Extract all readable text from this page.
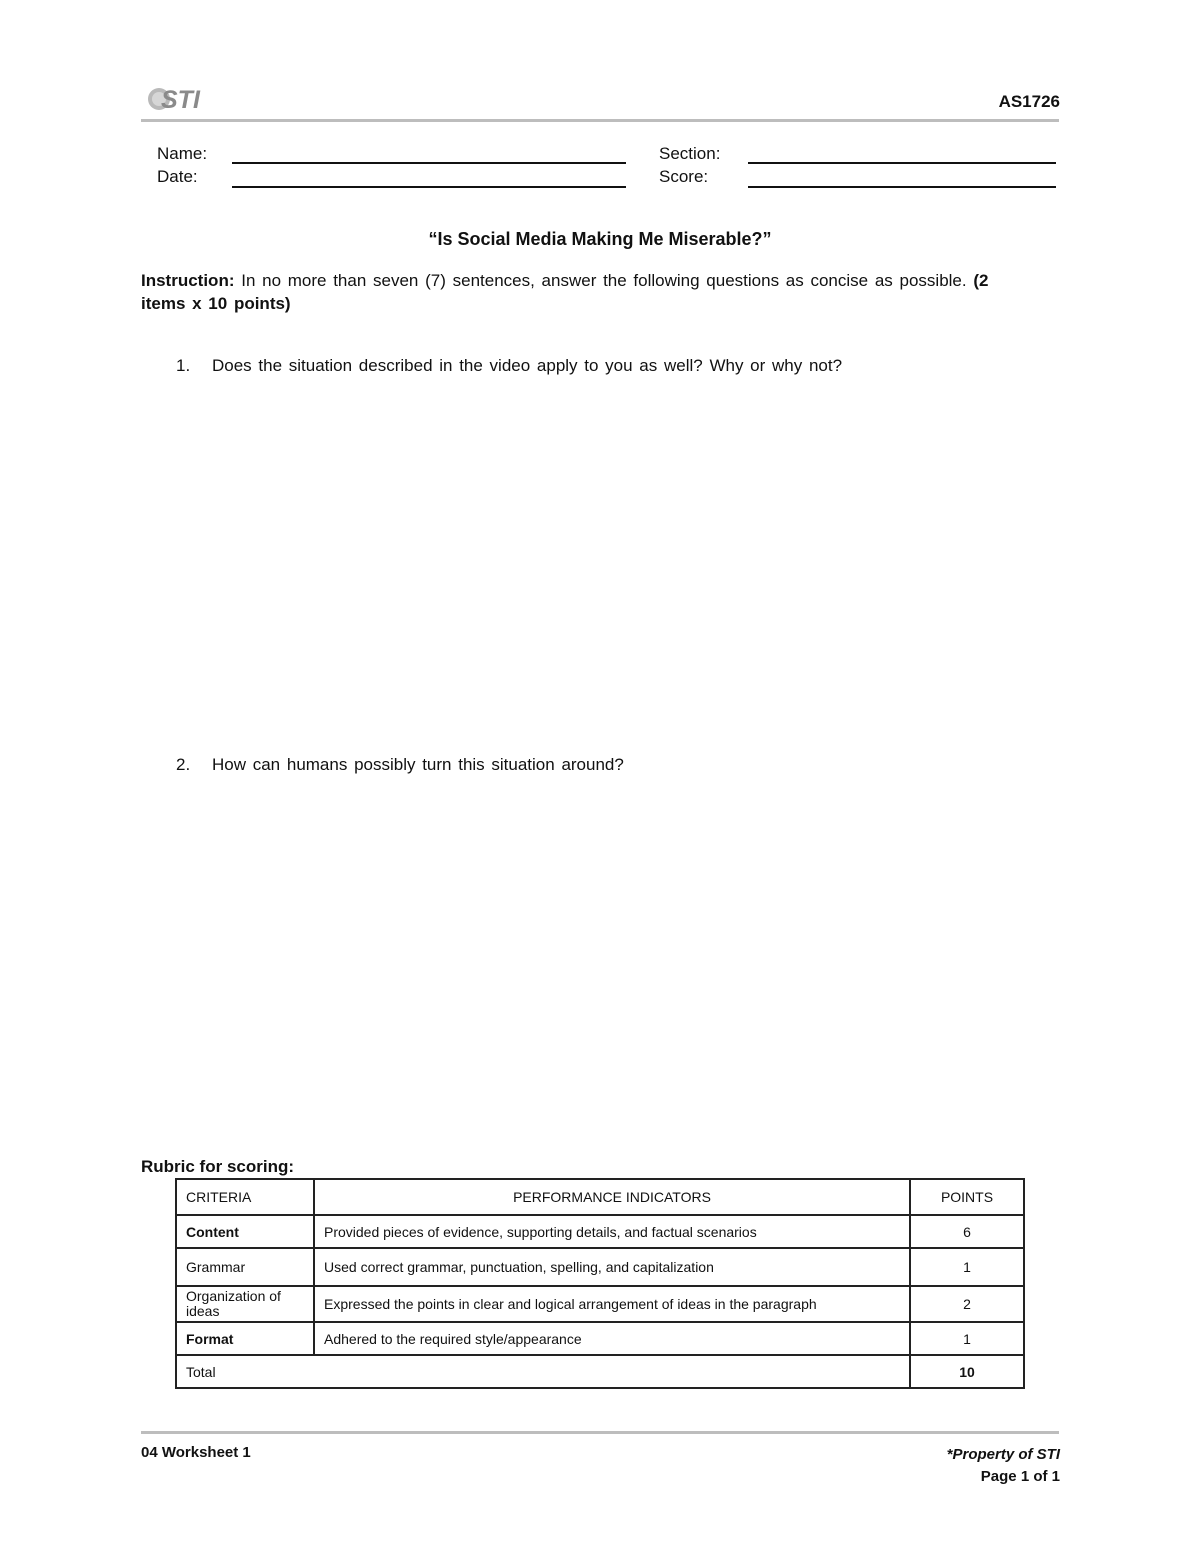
STI	AS1726
Name:
Date:
Section:
Score:
“Is Social Media Making Me Miserable?”
Instruction: In no more than seven (7) sentences, answer the following questions as concise as possible. (2 items x 10 points)
1. Does the situation described in the video apply to you as well? Why or why not?
2. How can humans possibly turn this situation around?
Rubric for scoring:
CRITERIA	PERFORMANCE INDICATORS	POINTS
Content	Provided pieces of evidence, supporting details, and factual scenarios	6
Grammar	Used correct grammar, punctuation, spelling, and capitalization	1
Organization of ideas	Expressed the points in clear and logical arrangement of ideas in the paragraph	2
Format	Adhered to the required style/appearance	1
Total		10
04 Worksheet 1	*Property of STI
Page 1 of 1
